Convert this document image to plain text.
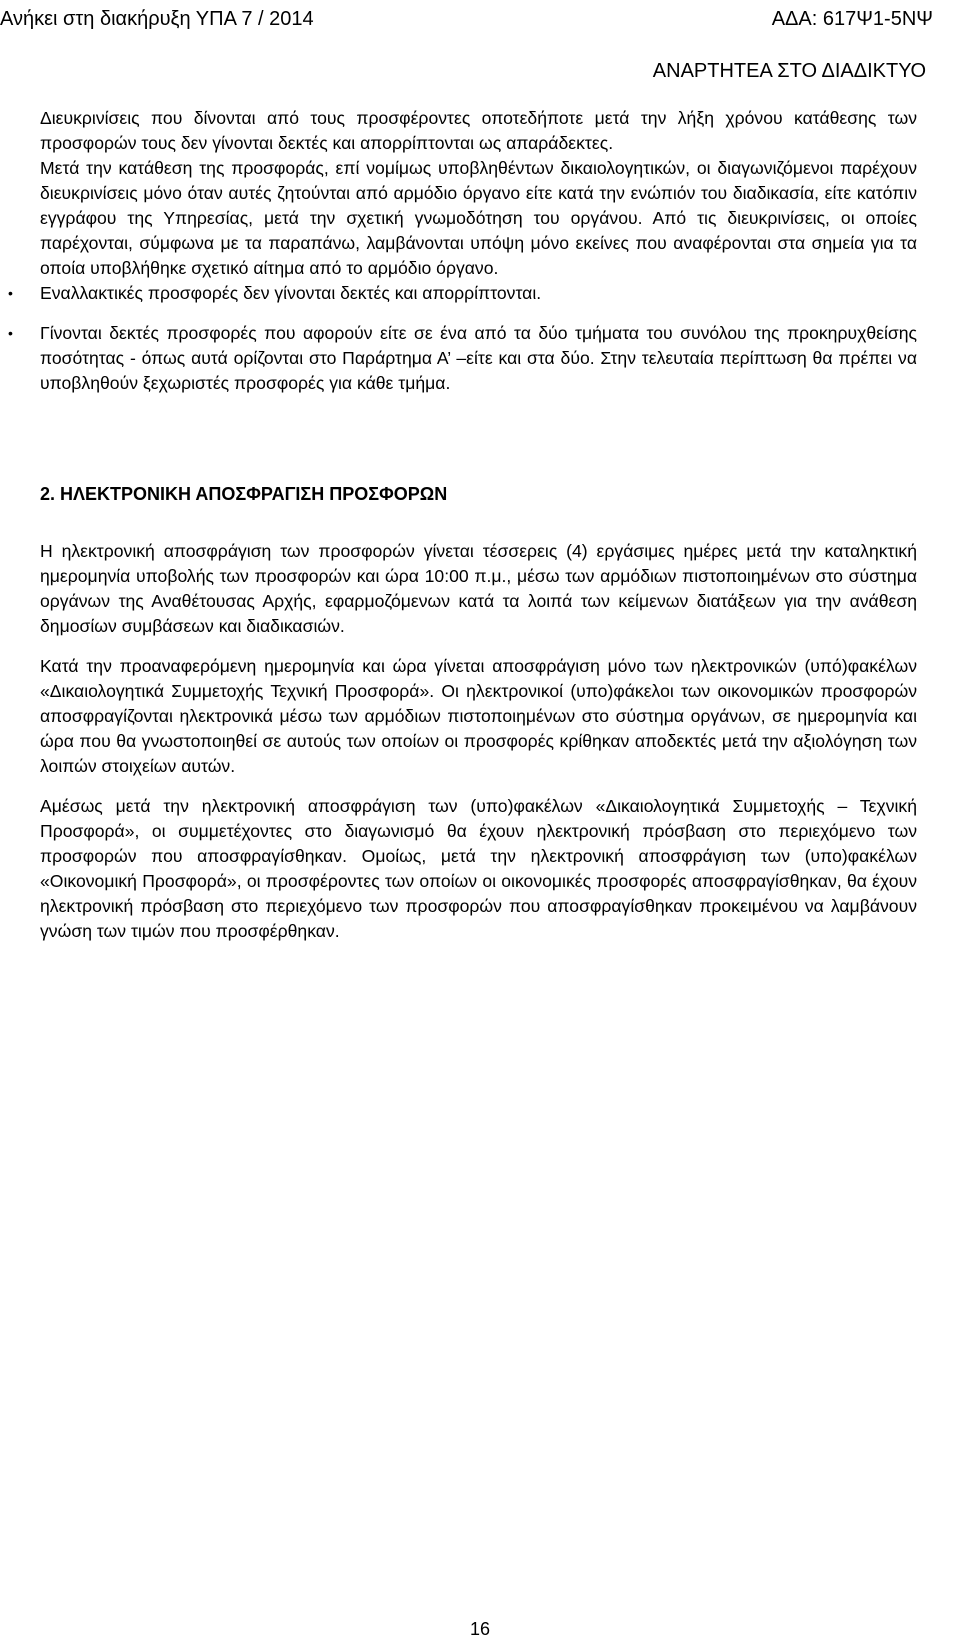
Ανήκει στη διακήρυξη ΥΠΑ 7 / 2014	ΑΔΑ: 617Ψ1-5ΝΨ
ΑΝΑΡΤΗΤΕΑ ΣΤΟ ΔΙΑΔΙΚΤΥΟ

Διευκρινίσεις που δίνονται από τους προσφέροντες οποτεδήποτε μετά την λήξη χρόνου κατάθεσης των προσφορών τους δεν γίνονται δεκτές και απορρίπτονται ως απαράδεκτες.

Μετά την κατάθεση της προσφοράς, επί νομίμως υποβληθέντων δικαιολογητικών, οι διαγωνιζόμενοι παρέχουν διευκρινίσεις μόνο όταν αυτές ζητούνται από αρμόδιο όργανο είτε κατά την ενώπιόν του διαδικασία, είτε κατόπιν εγγράφου της Υπηρεσίας, μετά την σχετική γνωμοδότηση του οργάνου. Από τις διευκρινίσεις, οι οποίες παρέχονται, σύμφωνα με τα παραπάνω, λαμβάνονται υπόψη μόνο εκείνες που αναφέρονται στα σημεία για τα οποία υποβλήθηκε σχετικό αίτημα από το αρμόδιο όργανο.

• Εναλλακτικές προσφορές δεν γίνονται δεκτές και απορρίπτονται.
• Γίνονται δεκτές προσφορές που αφορούν είτε σε ένα από τα δύο τμήματα του συνόλου της προκηρυχθείσης ποσότητας - όπως αυτά ορίζονται στο Παράρτημα Α’ –είτε και στα δύο. Στην τελευταία περίπτωση θα πρέπει να υποβληθούν ξεχωριστές προσφορές για κάθε τμήμα.

2. ΗΛΕΚΤΡΟΝΙΚΗ ΑΠΟΣΦΡΑΓΙΣΗ ΠΡΟΣΦΟΡΩΝ

Η ηλεκτρονική αποσφράγιση των προσφορών γίνεται τέσσερεις (4) εργάσιμες ημέρες μετά την καταληκτική ημερομηνία υποβολής των προσφορών και ώρα 10:00 π.μ., μέσω των αρμόδιων πιστοποιημένων στο σύστημα οργάνων της Αναθέτουσας Αρχής, εφαρμοζόμενων κατά τα λοιπά των κείμενων διατάξεων για την ανάθεση δημοσίων συμβάσεων και διαδικασιών.

Κατά την προαναφερόμενη ημερομηνία και ώρα γίνεται αποσφράγιση μόνο των ηλεκτρονικών (υπό)φακέλων «Δικαιολογητικά Συμμετοχής Τεχνική Προσφορά». Οι ηλεκτρονικοί (υπο)φάκελοι των οικονομικών προσφορών αποσφραγίζονται ηλεκτρονικά μέσω των αρμόδιων πιστοποιημένων στο σύστημα οργάνων, σε ημερομηνία και ώρα που θα γνωστοποιηθεί σε αυτούς των οποίων οι προσφορές κρίθηκαν αποδεκτές μετά την αξιολόγηση των λοιπών στοιχείων αυτών.

Αμέσως μετά την ηλεκτρονική αποσφράγιση των (υπο)φακέλων «Δικαιολογητικά Συμμετοχής – Τεχνική Προσφορά», οι συμμετέχοντες στο διαγωνισμό θα έχουν ηλεκτρονική πρόσβαση στο περιεχόμενο των προσφορών που αποσφραγίσθηκαν. Ομοίως, μετά την ηλεκτρονική αποσφράγιση των (υπο)φακέλων «Οικονομική Προσφορά», οι προσφέροντες των οποίων οι οικονομικές προσφορές αποσφραγίσθηκαν, θα έχουν ηλεκτρονική πρόσβαση στο περιεχόμενο των προσφορών που αποσφραγίσθηκαν προκειμένου να λαμβάνουν γνώση των τιμών που προσφέρθηκαν.

16
